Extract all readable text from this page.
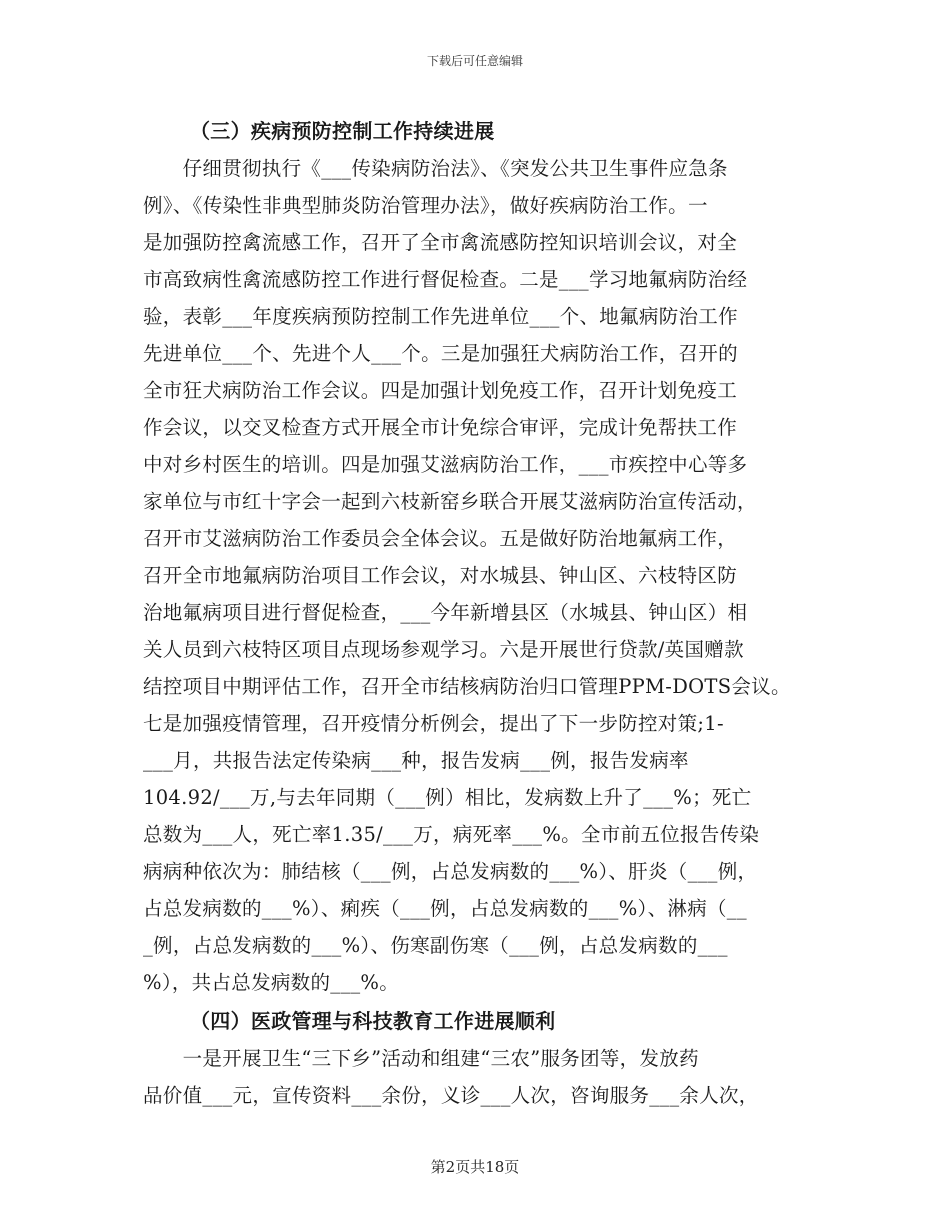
下载后可任意编辑
（三）疾病预防控制工作持续进展
　　仔细贯彻执行《___传染病防治法》、《突发公共卫生事件应急条
例》、《传染性非典型肺炎防治管理办法》，做好疾病防治工作。一
是加强防控禽流感工作，召开了全市禽流感防控知识培训会议，对全
市高致病性禽流感防控工作进行督促检查。二是___学习地氟病防治经
验，表彰___年度疾病预防控制工作先进单位___个、地氟病防治工作
先进单位___个、先进个人___个。三是加强狂犬病防治工作，召开的
全市狂犬病防治工作会议。四是加强计划免疫工作，召开计划免疫工
作会议，以交叉检查方式开展全市计免综合审评，完成计免帮扶工作
中对乡村医生的培训。四是加强艾滋病防治工作，___市疾控中心等多
家单位与市红十字会一起到六枝新窑乡联合开展艾滋病防治宣传活动，
召开市艾滋病防治工作委员会全体会议。五是做好防治地氟病工作，
召开全市地氟病防治项目工作会议，对水城县、钟山区、六枝特区防
治地氟病项目进行督促检查，___今年新增县区（水城县、钟山区）相
关人员到六枝特区项目点现场参观学习。六是开展世行贷款/英国赠款
结控项目中期评估工作，召开全市结核病防治归口管理PPM-DOTS会议。
七是加强疫情管理，召开疫情分析例会，提出了下一步防控对策;1-
___月，共报告法定传染病___种，报告发病___例，报告发病率
104.92/___万,与去年同期（___例）相比，发病数上升了___%；死亡
总数为___人，死亡率1.35/___万，病死率___%。全市前五位报告传染
病病种依次为：肺结核（___例，占总发病数的___%）、肝炎（___例，
占总发病数的___%）、痢疾（___例，占总发病数的___%）、淋病（__
_例，占总发病数的___%）、伤寒副伤寒（___例，占总发病数的___
%），共占总发病数的___%。
（四）医政管理与科技教育工作进展顺利
　　一是开展卫生“三下乡”活动和组建“三农”服务团等，发放药
品价值___元，宣传资料___余份，义诊___人次，咨询服务___余人次，
第2页共18页
